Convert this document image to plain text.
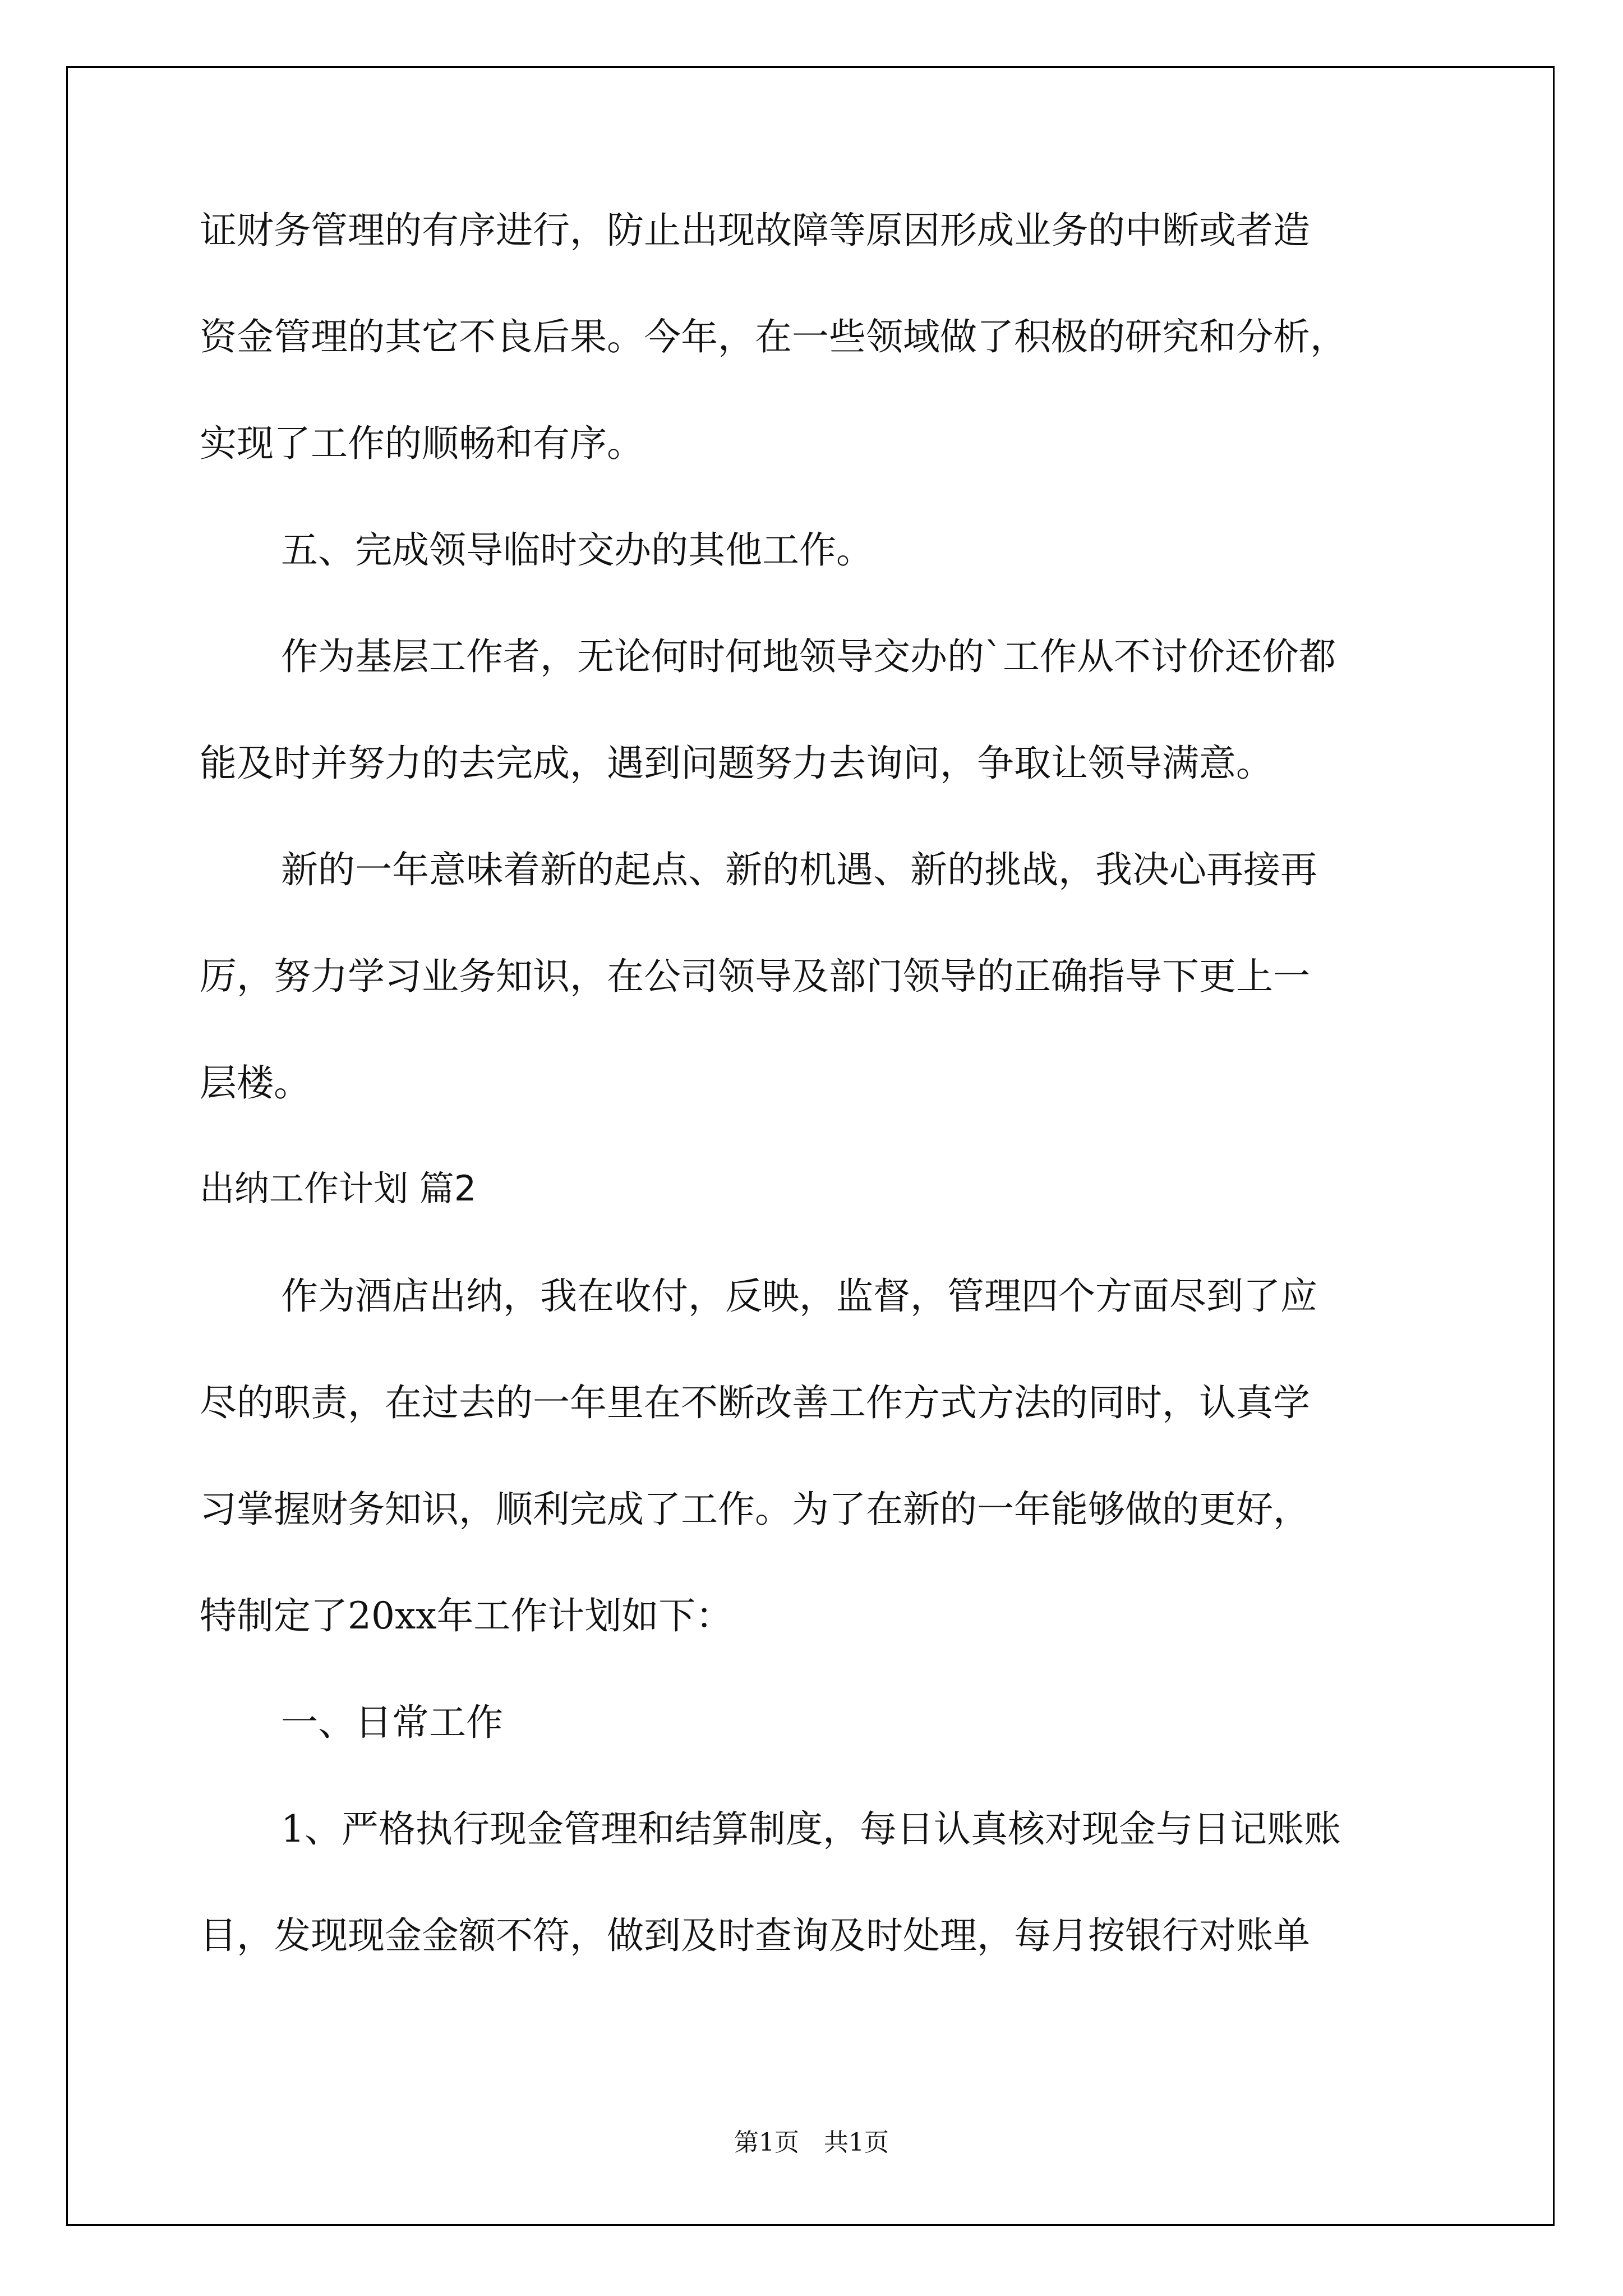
证财务管理的有序进行，防止出现故障等原因形成业务的中断或者造
资金管理的其它不良后果。今年，在一些领域做了积极的研究和分析，
实现了工作的顺畅和有序。
五、完成领导临时交办的其他工作。
作为基层工作者，无论何时何地领导交办的`工作从不讨价还价都
能及时并努力的去完成，遇到问题努力去询问，争取让领导满意。
新的一年意味着新的起点、新的机遇、新的挑战，我决心再接再
厉，努力学习业务知识，在公司领导及部门领导的正确指导下更上一
层楼。
出纳工作计划 篇2
作为酒店出纳，我在收付，反映，监督，管理四个方面尽到了应
尽的职责，在过去的一年里在不断改善工作方式方法的同时，认真学
习掌握财务知识，顺利完成了工作。为了在新的一年能够做的更好，
特制定了20xx年工作计划如下：
一、日常工作
1、严格执行现金管理和结算制度，每日认真核对现金与日记账账
目，发现现金金额不符，做到及时查询及时处理，每月按银行对账单
第1页　共1页
